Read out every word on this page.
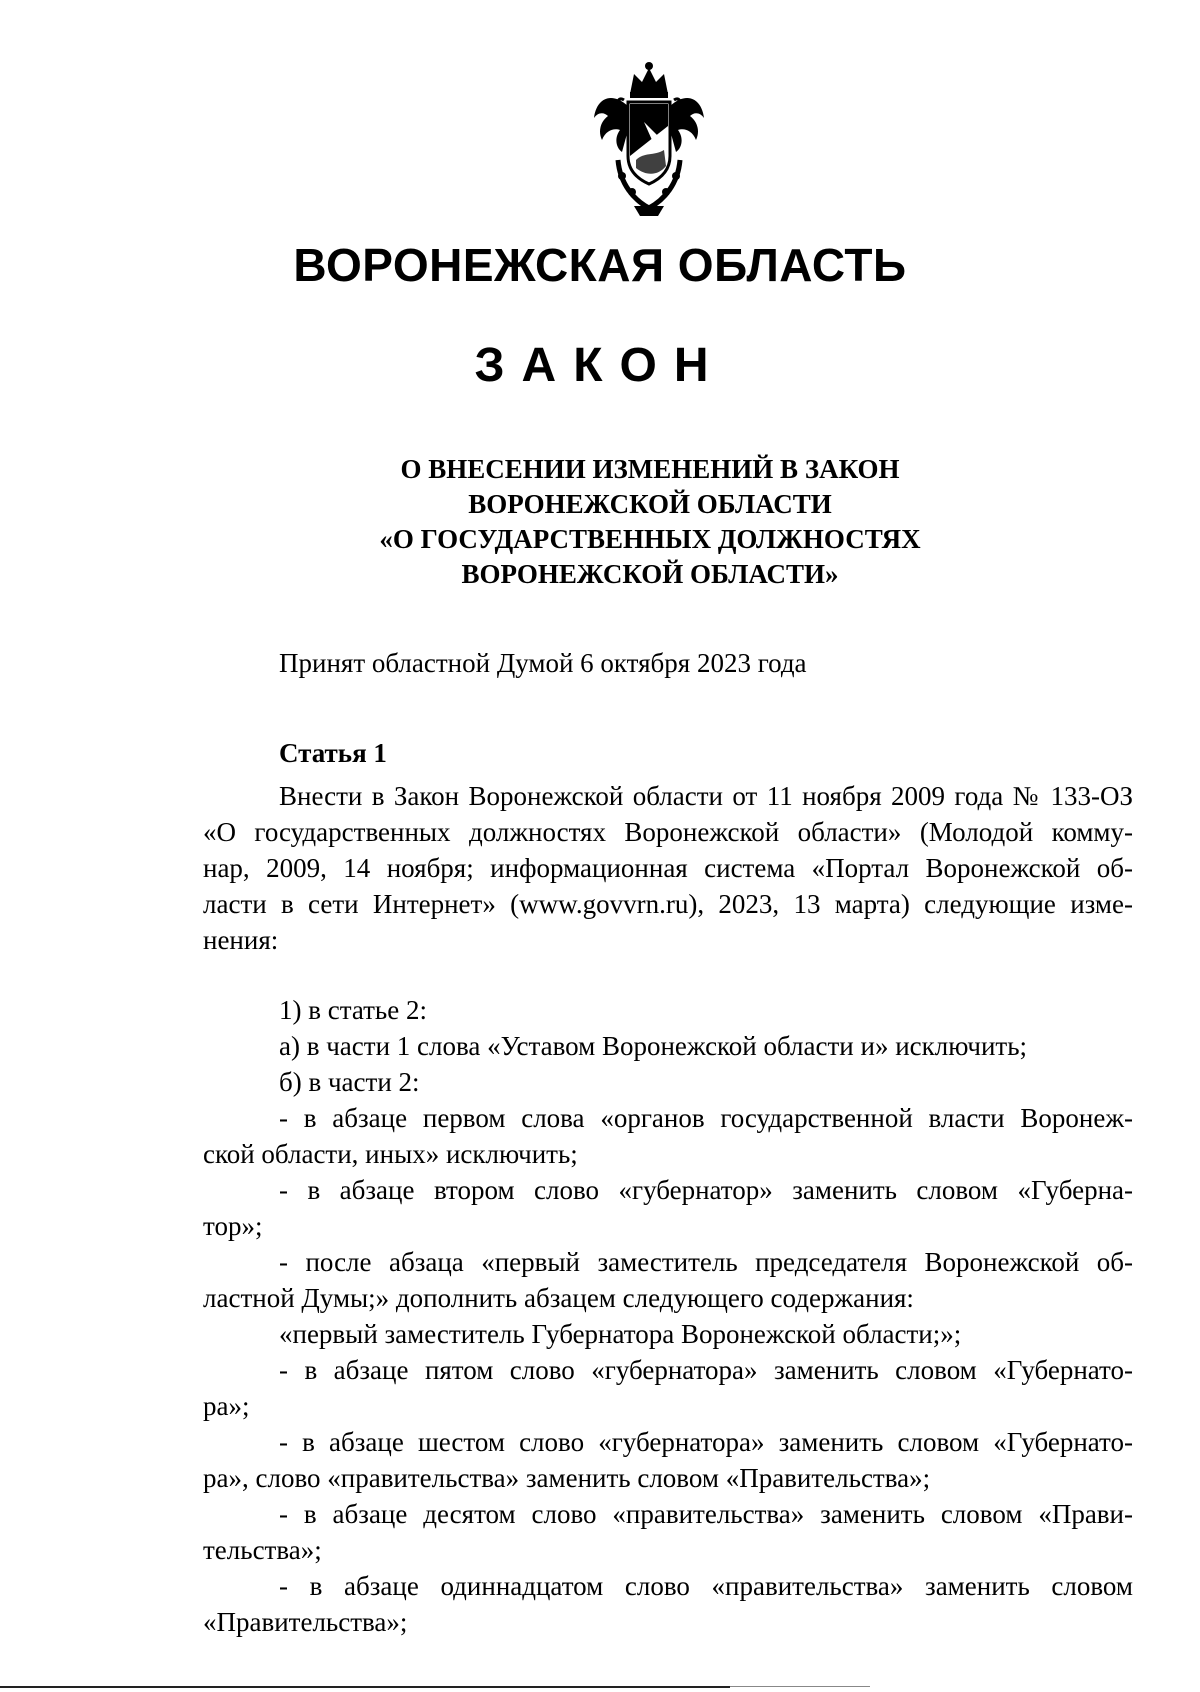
ВОРОНЕЖСКАЯ ОБЛАСТЬ
ЗАКОН
О ВНЕСЕНИИ ИЗМЕНЕНИЙ В ЗАКОН
ВОРОНЕЖСКОЙ ОБЛАСТИ
«О ГОСУДАРСТВЕННЫХ ДОЛЖНОСТЯХ
ВОРОНЕЖСКОЙ ОБЛАСТИ»
Принят областной Думой 6 октября 2023 года
Статья 1
Внести в Закон Воронежской области от 11 ноября 2009 года № 133-ОЗ
«О государственных должностях Воронежской области» (Молодой комму-
нар, 2009, 14 ноября; информационная система «Портал Воронежской об-
ласти в сети Интернет» (www.govvrn.ru), 2023, 13 марта) следующие изме-
нения:
1) в статье 2:
а) в части 1 слова «Уставом Воронежской области и» исключить;
б) в части 2:
- в абзаце первом слова «органов государственной власти Воронеж-
ской области, иных» исключить;
- в абзаце втором слово «губернатор» заменить словом «Губерна-
тор»;
- после абзаца «первый заместитель председателя Воронежской об-
ластной Думы;» дополнить абзацем следующего содержания:
«первый заместитель Губернатора Воронежской области;»;
- в абзаце пятом слово «губернатора» заменить словом «Губернато-
ра»;
- в абзаце шестом слово «губернатора» заменить словом «Губернато-
ра», слово «правительства» заменить словом «Правительства»;
- в абзаце десятом слово «правительства» заменить словом «Прави-
тельства»;
- в абзаце одиннадцатом слово «правительства» заменить словом
«Правительства»;
